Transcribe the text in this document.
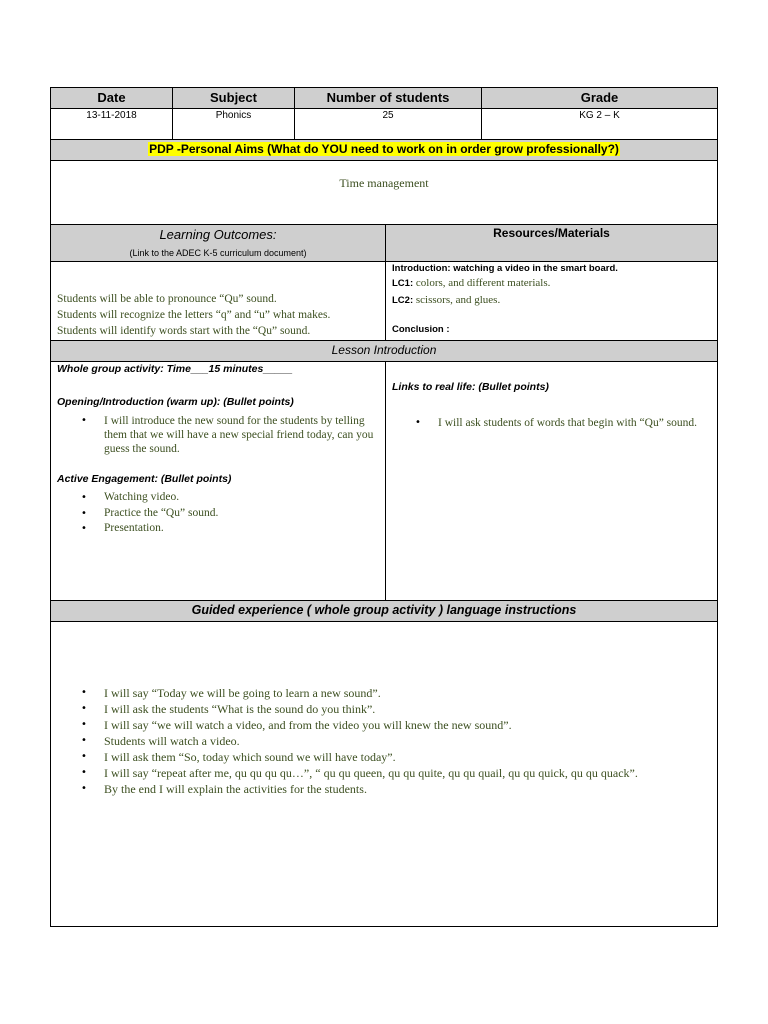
Date	Subject	Number of students	Grade
13-11-2018	Phonics	25	KG 2 – K
PDP -Personal Aims (What do YOU need to work on in order grow professionally?)
Time management
Learning Outcomes:
(Link to the ADEC K-5 curriculum document)
Resources/Materials
Students will be able to pronounce “Qu” sound.
Students will recognize the letters “q” and “u” what makes.
Students will identify words start with the “Qu” sound.
Introduction: watching a video in the smart board.
LC1: colors, and different materials.
LC2: scissors, and glues.
Conclusion :
Lesson Introduction
Whole group activity: Time___15 minutes_____
Opening/Introduction (warm up): (Bullet points)
• I will introduce the new sound for the students by telling them that we will have a new special friend today, can you guess the sound.
Active Engagement: (Bullet points)
• Watching video.
• Practice the “Qu” sound.
• Presentation.
Links to real life: (Bullet points)
• I will ask students of words that begin with “Qu” sound.
Guided experience ( whole group activity ) language instructions
• I will say “Today we will be going to learn a new sound”.
• I will ask the students “What is the sound do you think”.
• I will say “we will watch a video, and from the video you will knew the new sound”.
• Students will watch a video.
• I will ask them “So, today which sound we will have today”.
• I will say “repeat after me, qu qu qu qu…”, “ qu qu queen, qu qu quite, qu qu quail, qu qu quick, qu qu quack”.
• By the end I will explain the activities for the students.
